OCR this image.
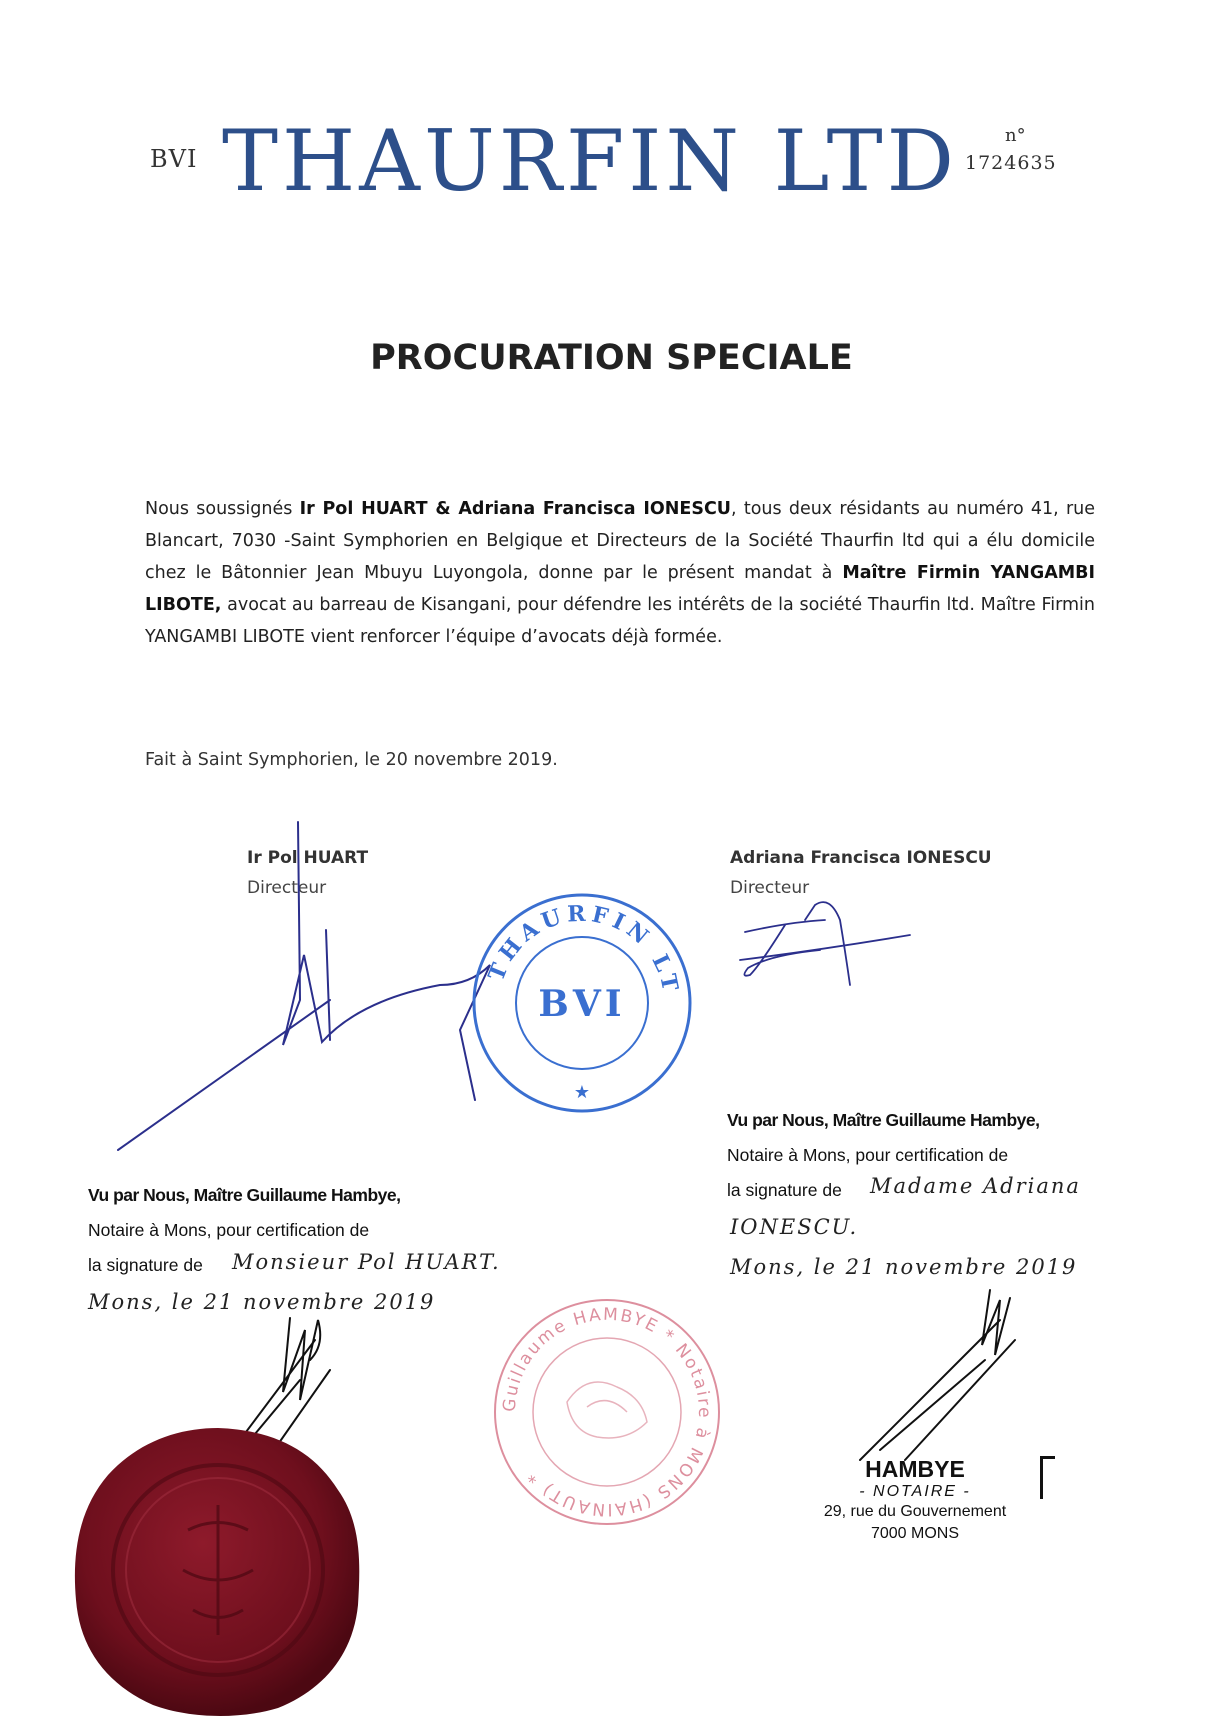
BVI THAURFIN LTD	n°
1724635
PROCURATION SPECIALE
Nous soussignés Ir Pol HUART & Adriana Francisca IONESCU, tous deux résidants au numéro 41, rue Blancart, 7030 -Saint Symphorien en Belgique et Directeurs de la Société Thaurfin ltd qui a élu domicile chez le Bâtonnier Jean Mbuyu Luyongola, donne par le présent mandat à Maître Firmin YANGAMBI LIBOTE, avocat au barreau de Kisangani, pour défendre les intérêts de la société Thaurfin ltd. Maître Firmin YANGAMBI LIBOTE vient renforcer l’équipe d’avocats déjà formée.
Fait à Saint Symphorien, le 20 novembre 2019.
Ir Pol HUART
Directeur
Adriana Francisca IONESCU
Directeur
THAURFIN LTD.
BVI
★
Vu par Nous, Maître Guillaume Hambye,
Notaire à Mons, pour certification de
la signature de Monsieur Pol HUART.
Mons, le 21 novembre 2019
Vu par Nous, Maître Guillaume Hambye,
Notaire à Mons, pour certification de
la signature de Madame Adriana
IONESCU.
Mons, le 21 novembre 2019
Guillaume HAMBYE * Notaire à MONS (HAINAUT) *	HAMBYE
- NOTAIRE -
29, rue du Gouvernement
7000 MONS
